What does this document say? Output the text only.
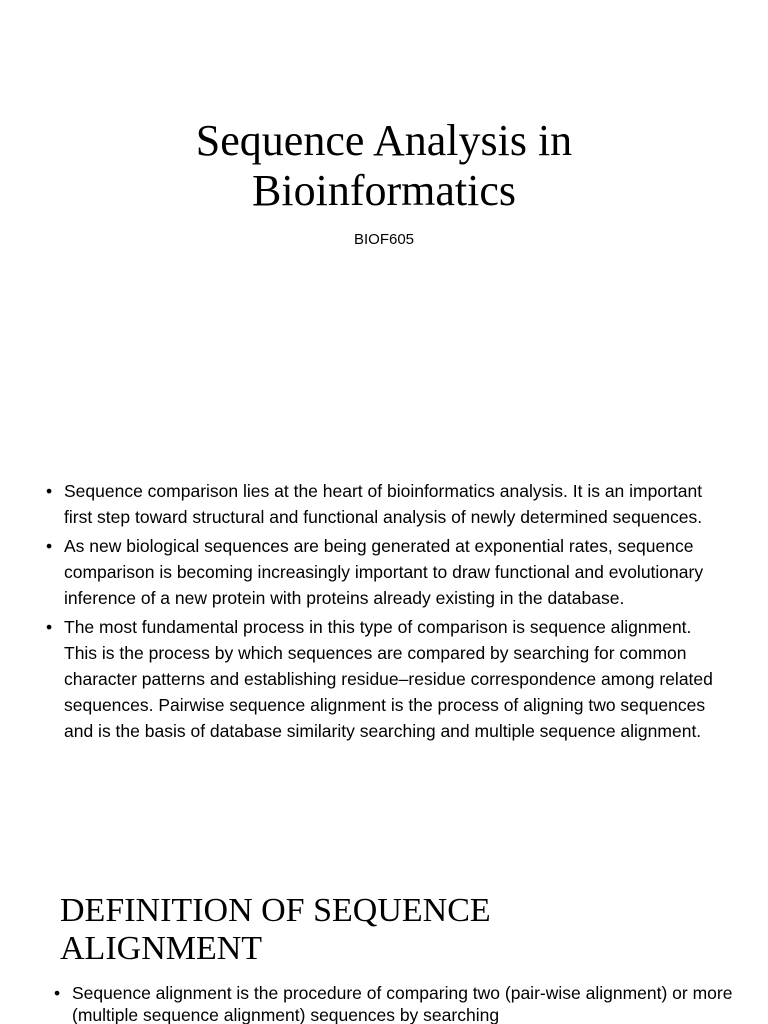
Sequence Analysis in
Bioinformatics
BIOF605
• Sequence comparison lies at the heart of bioinformatics analysis. It is an important first step toward structural and functional analysis of newly determined sequences.
• As new biological sequences are being generated at exponential rates, sequence comparison is becoming increasingly important to draw functional and evolutionary inference of a new protein with proteins already existing in the database.
• The most fundamental process in this type of comparison is sequence alignment. This is the process by which sequences are compared by searching for common character patterns and establishing residue–residue correspondence among related sequences. Pairwise sequence alignment is the process of aligning two sequences and is the basis of database similarity searching and multiple sequence alignment.
DEFINITION OF SEQUENCE
ALIGNMENT
• Sequence alignment is the procedure of comparing two (pair-wise alignment) or more (multiple sequence alignment) sequences by searching
